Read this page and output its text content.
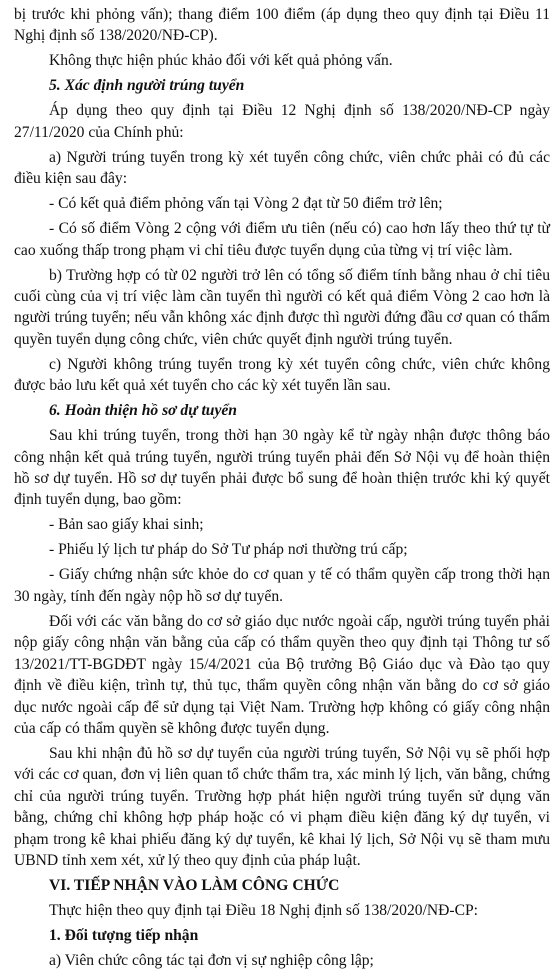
bị trước khi phỏng vấn); thang điểm 100 điểm (áp dụng theo quy định tại Điều 11 Nghị định số 138/2020/NĐ-CP).

Không thực hiện phúc khảo đối với kết quả phỏng vấn.

5. Xác định người trúng tuyển

Áp dụng theo quy định tại Điều 12 Nghị định số 138/2020/NĐ-CP ngày 27/11/2020 của Chính phủ:

a) Người trúng tuyển trong kỳ xét tuyển công chức, viên chức phải có đủ các điều kiện sau đây:

- Có kết quả điểm phỏng vấn tại Vòng 2 đạt từ 50 điểm trở lên;

- Có số điểm Vòng 2 cộng với điểm ưu tiên (nếu có) cao hơn lấy theo thứ tự từ cao xuống thấp trong phạm vi chỉ tiêu được tuyển dụng của từng vị trí việc làm.

b) Trường hợp có từ 02 người trở lên có tổng số điểm tính bằng nhau ở chỉ tiêu cuối cùng của vị trí việc làm cần tuyển thì người có kết quả điểm Vòng 2 cao hơn là người trúng tuyển; nếu vẫn không xác định được thì người đứng đầu cơ quan có thẩm quyền tuyển dụng công chức, viên chức quyết định người trúng tuyển.

c) Người không trúng tuyển trong kỳ xét tuyển công chức, viên chức không được bảo lưu kết quả xét tuyển cho các kỳ xét tuyển lần sau.

6. Hoàn thiện hồ sơ dự tuyển

Sau khi trúng tuyển, trong thời hạn 30 ngày kể từ ngày nhận được thông báo công nhận kết quả trúng tuyển, người trúng tuyển phải đến Sở Nội vụ để hoàn thiện hồ sơ dự tuyển. Hồ sơ dự tuyển phải được bổ sung để hoàn thiện trước khi ký quyết định tuyển dụng, bao gồm:

- Bản sao giấy khai sinh;

- Phiếu lý lịch tư pháp do Sở Tư pháp nơi thường trú cấp;

- Giấy chứng nhận sức khỏe do cơ quan y tế có thẩm quyền cấp trong thời hạn 30 ngày, tính đến ngày nộp hồ sơ dự tuyển.

Đối với các văn bằng do cơ sở giáo dục nước ngoài cấp, người trúng tuyển phải nộp giấy công nhận văn bằng của cấp có thẩm quyền theo quy định tại Thông tư số 13/2021/TT-BGDĐT ngày 15/4/2021 của Bộ trưởng Bộ Giáo dục và Đào tạo quy định về điều kiện, trình tự, thủ tục, thẩm quyền công nhận văn bằng do cơ sở giáo dục nước ngoài cấp để sử dụng tại Việt Nam. Trường hợp không có giấy công nhận của cấp có thẩm quyền sẽ không được tuyển dụng.

Sau khi nhận đủ hồ sơ dự tuyển của người trúng tuyển, Sở Nội vụ sẽ phối hợp với các cơ quan, đơn vị liên quan tổ chức thẩm tra, xác minh lý lịch, văn bằng, chứng chỉ của người trúng tuyển. Trường hợp phát hiện người trúng tuyển sử dụng văn bằng, chứng chỉ không hợp pháp hoặc có vi phạm điều kiện đăng ký dự tuyển, vi phạm trong kê khai phiếu đăng ký dự tuyển, kê khai lý lịch, Sở Nội vụ sẽ tham mưu UBND tỉnh xem xét, xử lý theo quy định của pháp luật.

VI. TIẾP NHẬN VÀO LÀM CÔNG CHỨC

Thực hiện theo quy định tại Điều 18 Nghị định số 138/2020/NĐ-CP:

1. Đối tượng tiếp nhận

a) Viên chức công tác tại đơn vị sự nghiệp công lập;
